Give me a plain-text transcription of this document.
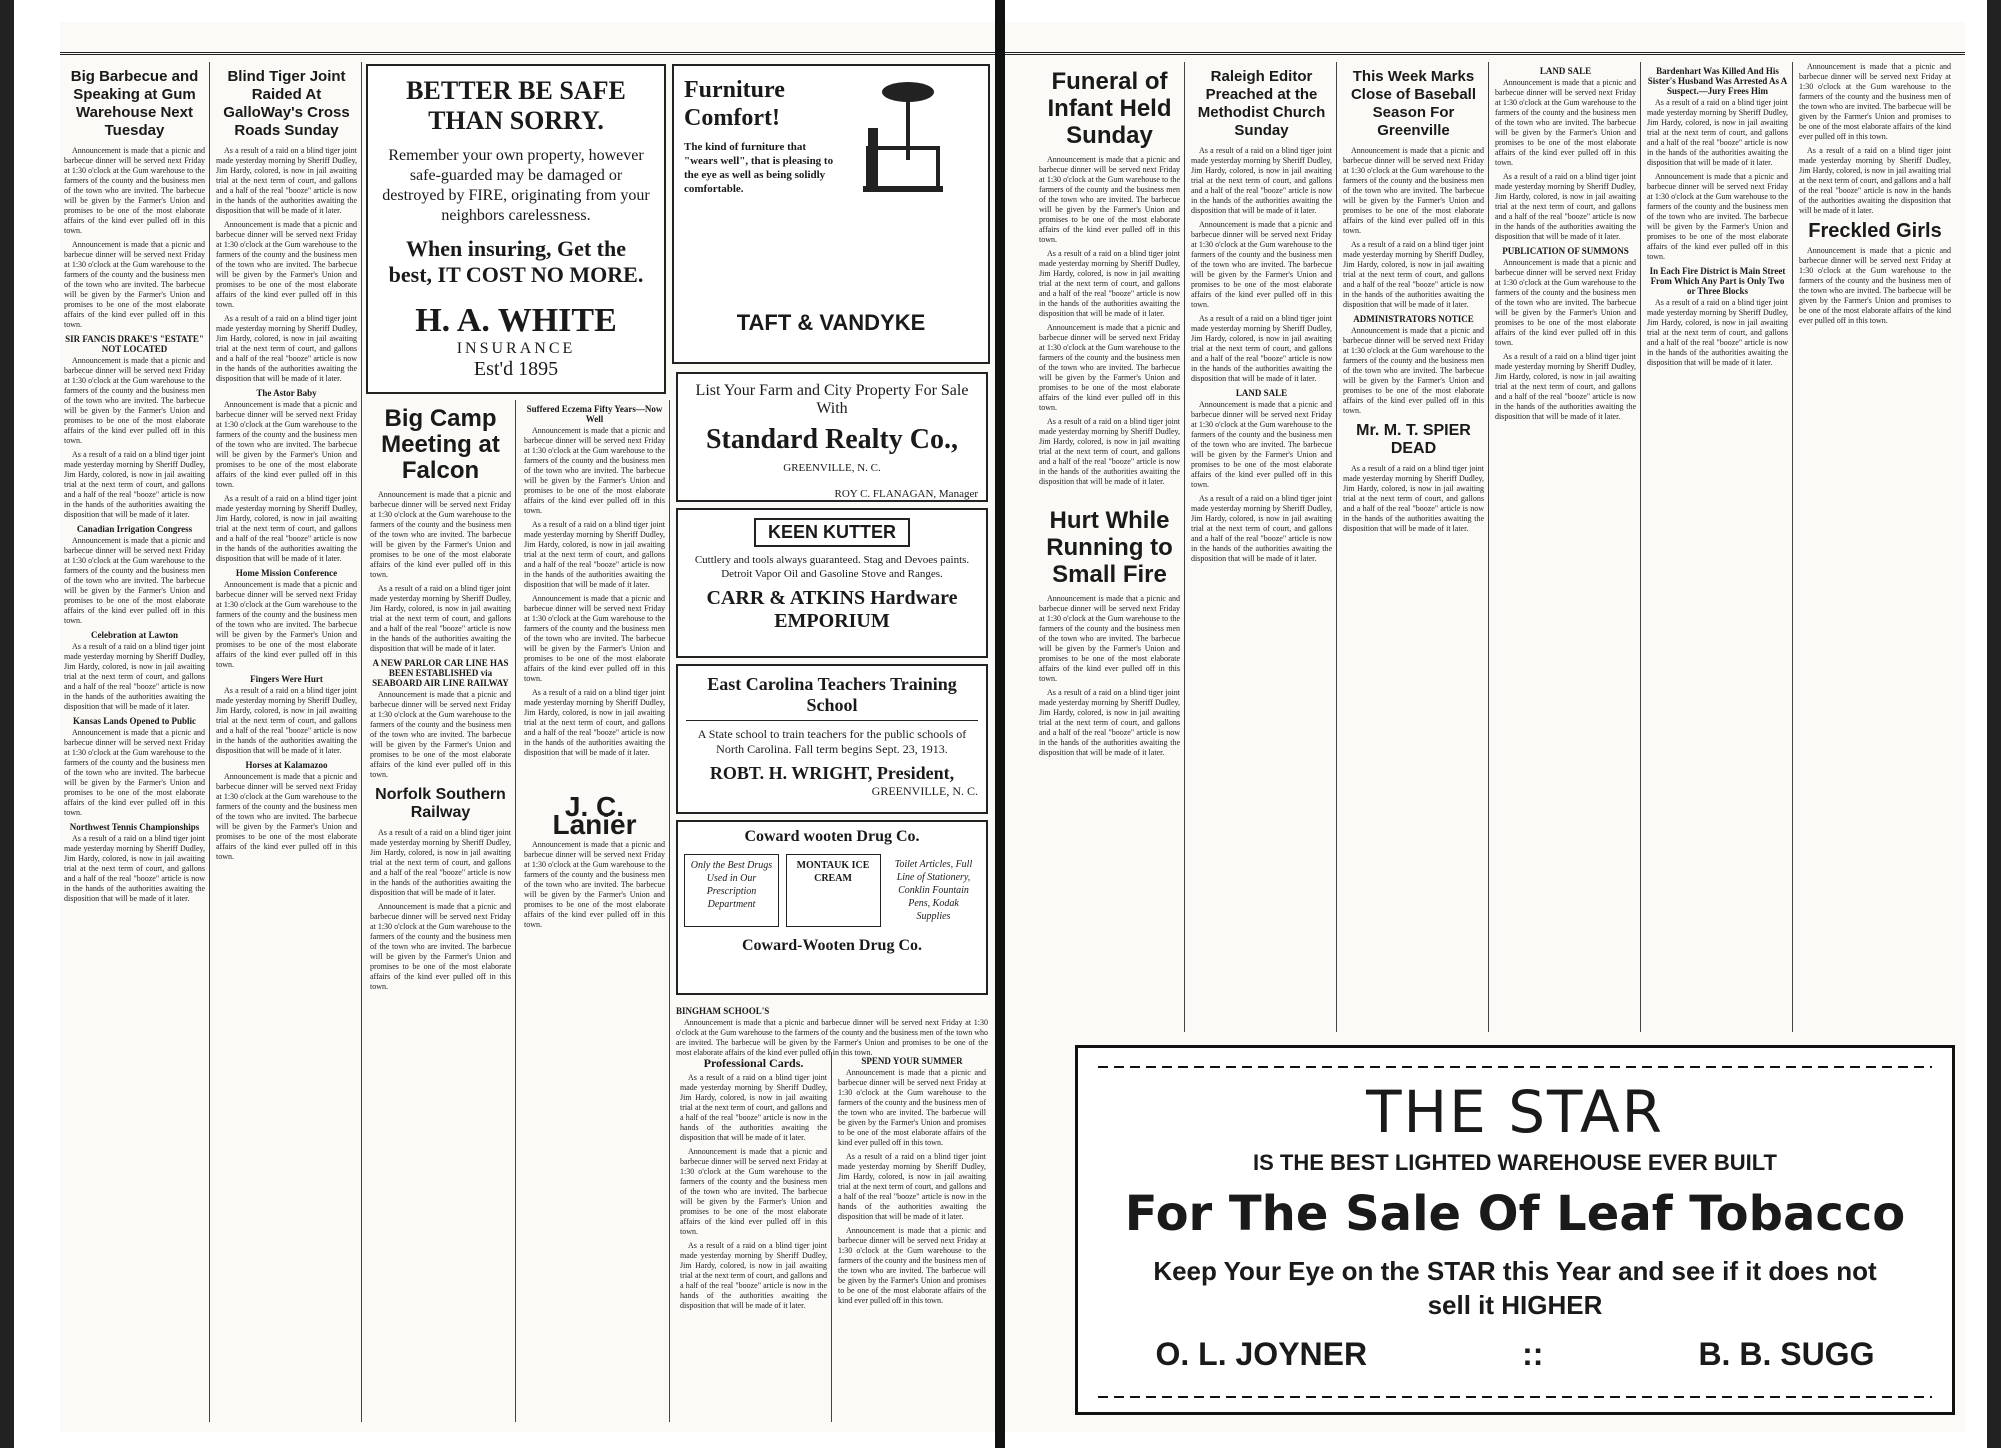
Big Barbecue and Speaking at Gum Warehouse Next Tuesday

Announcement is made that a picnic and barbecue dinner will be served next Friday at 1:30 o'clock at the Gum warehouse to the farmers of the county and the business men of the town who are invited. The barbecue will be given by the Farmer's Union and promises to be one of the most elaborate affairs of the kind ever pulled off in this town.

Announcement is made that a picnic and barbecue dinner will be served next Friday at 1:30 o'clock at the Gum warehouse to the farmers of the county and the business men of the town who are invited. The barbecue will be given by the Farmer's Union and promises to be one of the most elaborate affairs of the kind ever pulled off in this town.

SIR FANCIS DRAKE'S "ESTATE" NOT LOCATED

Announcement is made that a picnic and barbecue dinner will be served next Friday at 1:30 o'clock at the Gum warehouse to the farmers of the county and the business men of the town who are invited. The barbecue will be given by the Farmer's Union and promises to be one of the most elaborate affairs of the kind ever pulled off in this town.

As a result of a raid on a blind tiger joint made yesterday morning by Sheriff Dudley, Jim Hardy, colored, is now in jail awaiting trial at the next term of court, and gallons and a half of the real "booze" article is now in the hands of the authorities awaiting the disposition that will be made of it later.

Canadian Irrigation Congress

Announcement is made that a picnic and barbecue dinner will be served next Friday at 1:30 o'clock at the Gum warehouse to the farmers of the county and the business men of the town who are invited. The barbecue will be given by the Farmer's Union and promises to be one of the most elaborate affairs of the kind ever pulled off in this town.

Celebration at Lawton

As a result of a raid on a blind tiger joint made yesterday morning by Sheriff Dudley, Jim Hardy, colored, is now in jail awaiting trial at the next term of court, and gallons and a half of the real "booze" article is now in the hands of the authorities awaiting the disposition that will be made of it later.

Kansas Lands Opened to Public

Announcement is made that a picnic and barbecue dinner will be served next Friday at 1:30 o'clock at the Gum warehouse to the farmers of the county and the business men of the town who are invited. The barbecue will be given by the Farmer's Union and promises to be one of the most elaborate affairs of the kind ever pulled off in this town.

Northwest Tennis Championships

As a result of a raid on a blind tiger joint made yesterday morning by Sheriff Dudley, Jim Hardy, colored, is now in jail awaiting trial at the next term of court, and gallons and a half of the real "booze" article is now in the hands of the authorities awaiting the disposition that will be made of it later.

Blind Tiger Joint Raided At GalloWay's Cross Roads Sunday

As a result of a raid on a blind tiger joint made yesterday morning by Sheriff Dudley, Jim Hardy, colored, is now in jail awaiting trial at the next term of court, and gallons and a half of the real "booze" article is now in the hands of the authorities awaiting the disposition that will be made of it later.

Announcement is made that a picnic and barbecue dinner will be served next Friday at 1:30 o'clock at the Gum warehouse to the farmers of the county and the business men of the town who are invited. The barbecue will be given by the Farmer's Union and promises to be one of the most elaborate affairs of the kind ever pulled off in this town.

As a result of a raid on a blind tiger joint made yesterday morning by Sheriff Dudley, Jim Hardy, colored, is now in jail awaiting trial at the next term of court, and gallons and a half of the real "booze" article is now in the hands of the authorities awaiting the disposition that will be made of it later.

The Astor Baby

Announcement is made that a picnic and barbecue dinner will be served next Friday at 1:30 o'clock at the Gum warehouse to the farmers of the county and the business men of the town who are invited. The barbecue will be given by the Farmer's Union and promises to be one of the most elaborate affairs of the kind ever pulled off in this town.

As a result of a raid on a blind tiger joint made yesterday morning by Sheriff Dudley, Jim Hardy, colored, is now in jail awaiting trial at the next term of court, and gallons and a half of the real "booze" article is now in the hands of the authorities awaiting the disposition that will be made of it later.

Home Mission Conference

Announcement is made that a picnic and barbecue dinner will be served next Friday at 1:30 o'clock at the Gum warehouse to the farmers of the county and the business men of the town who are invited. The barbecue will be given by the Farmer's Union and promises to be one of the most elaborate affairs of the kind ever pulled off in this town.

Fingers Were Hurt

As a result of a raid on a blind tiger joint made yesterday morning by Sheriff Dudley, Jim Hardy, colored, is now in jail awaiting trial at the next term of court, and gallons and a half of the real "booze" article is now in the hands of the authorities awaiting the disposition that will be made of it later.

Horses at Kalamazoo

Announcement is made that a picnic and barbecue dinner will be served next Friday at 1:30 o'clock at the Gum warehouse to the farmers of the county and the business men of the town who are invited. The barbecue will be given by the Farmer's Union and promises to be one of the most elaborate affairs of the kind ever pulled off in this town.

BETTER BE SAFE THAN SORRY.
Remember your own property, however safe-guarded may be damaged or destroyed by FIRE, originating from your neighbors carelessness.
When insuring, Get the best, IT COST NO MORE.
H. A. WHITE
INSURANCE
Est'd 1895
Furniture Comfort!
The kind of furniture that "wears well", that is pleasing to the eye as well as being solidly comfortable.
TAFT & VANDYKE
Big Camp Meeting at Falcon

Announcement is made that a picnic and barbecue dinner will be served next Friday at 1:30 o'clock at the Gum warehouse to the farmers of the county and the business men of the town who are invited. The barbecue will be given by the Farmer's Union and promises to be one of the most elaborate affairs of the kind ever pulled off in this town.

As a result of a raid on a blind tiger joint made yesterday morning by Sheriff Dudley, Jim Hardy, colored, is now in jail awaiting trial at the next term of court, and gallons and a half of the real "booze" article is now in the hands of the authorities awaiting the disposition that will be made of it later.

A NEW PARLOR CAR LINE HAS BEEN ESTABLISHED via SEABOARD AIR LINE RAILWAY

Announcement is made that a picnic and barbecue dinner will be served next Friday at 1:30 o'clock at the Gum warehouse to the farmers of the county and the business men of the town who are invited. The barbecue will be given by the Farmer's Union and promises to be one of the most elaborate affairs of the kind ever pulled off in this town.

Norfolk Southern Railway

As a result of a raid on a blind tiger joint made yesterday morning by Sheriff Dudley, Jim Hardy, colored, is now in jail awaiting trial at the next term of court, and gallons and a half of the real "booze" article is now in the hands of the authorities awaiting the disposition that will be made of it later.

Announcement is made that a picnic and barbecue dinner will be served next Friday at 1:30 o'clock at the Gum warehouse to the farmers of the county and the business men of the town who are invited. The barbecue will be given by the Farmer's Union and promises to be one of the most elaborate affairs of the kind ever pulled off in this town.

Suffered Eczema Fifty Years—Now Well

Announcement is made that a picnic and barbecue dinner will be served next Friday at 1:30 o'clock at the Gum warehouse to the farmers of the county and the business men of the town who are invited. The barbecue will be given by the Farmer's Union and promises to be one of the most elaborate affairs of the kind ever pulled off in this town.

As a result of a raid on a blind tiger joint made yesterday morning by Sheriff Dudley, Jim Hardy, colored, is now in jail awaiting trial at the next term of court, and gallons and a half of the real "booze" article is now in the hands of the authorities awaiting the disposition that will be made of it later.

Announcement is made that a picnic and barbecue dinner will be served next Friday at 1:30 o'clock at the Gum warehouse to the farmers of the county and the business men of the town who are invited. The barbecue will be given by the Farmer's Union and promises to be one of the most elaborate affairs of the kind ever pulled off in this town.

As a result of a raid on a blind tiger joint made yesterday morning by Sheriff Dudley, Jim Hardy, colored, is now in jail awaiting trial at the next term of court, and gallons and a half of the real "booze" article is now in the hands of the authorities awaiting the disposition that will be made of it later.

J. C. Lanier

Announcement is made that a picnic and barbecue dinner will be served next Friday at 1:30 o'clock at the Gum warehouse to the farmers of the county and the business men of the town who are invited. The barbecue will be given by the Farmer's Union and promises to be one of the most elaborate affairs of the kind ever pulled off in this town.

List Your Farm and City Property For Sale With
Standard Realty Co.,
GREENVILLE, N. C.
ROY C. FLANAGAN, Manager
KEEN KUTTER
Cuttlery and tools always guaranteed. Stag and Devoes paints. Detroit Vapor Oil and Gasoline Stove and Ranges.
CARR & ATKINS Hardware EMPORIUM
East Carolina Teachers Training School
A State school to train teachers for the public schools of North Carolina. Fall term begins Sept. 23, 1913.
ROBT. H. WRIGHT, President,
GREENVILLE, N. C.
Coward wooten Drug Co.
Only the Best Drugs Used in Our Prescription Department
MONTAUK ICE CREAM
Toilet Articles, Full Line of Stationery, Conklin Fountain Pens, Kodak Supplies
Coward-Wooten Drug Co.
BINGHAM SCHOOL'S

Announcement is made that a picnic and barbecue dinner will be served next Friday at 1:30 o'clock at the Gum warehouse to the farmers of the county and the business men of the town who are invited. The barbecue will be given by the Farmer's Union and promises to be one of the most elaborate affairs of the kind ever pulled off in this town.

Professional Cards.

As a result of a raid on a blind tiger joint made yesterday morning by Sheriff Dudley, Jim Hardy, colored, is now in jail awaiting trial at the next term of court, and gallons and a half of the real "booze" article is now in the hands of the authorities awaiting the disposition that will be made of it later.

Announcement is made that a picnic and barbecue dinner will be served next Friday at 1:30 o'clock at the Gum warehouse to the farmers of the county and the business men of the town who are invited. The barbecue will be given by the Farmer's Union and promises to be one of the most elaborate affairs of the kind ever pulled off in this town.

As a result of a raid on a blind tiger joint made yesterday morning by Sheriff Dudley, Jim Hardy, colored, is now in jail awaiting trial at the next term of court, and gallons and a half of the real "booze" article is now in the hands of the authorities awaiting the disposition that will be made of it later.

SPEND YOUR SUMMER

Announcement is made that a picnic and barbecue dinner will be served next Friday at 1:30 o'clock at the Gum warehouse to the farmers of the county and the business men of the town who are invited. The barbecue will be given by the Farmer's Union and promises to be one of the most elaborate affairs of the kind ever pulled off in this town.

As a result of a raid on a blind tiger joint made yesterday morning by Sheriff Dudley, Jim Hardy, colored, is now in jail awaiting trial at the next term of court, and gallons and a half of the real "booze" article is now in the hands of the authorities awaiting the disposition that will be made of it later.

Announcement is made that a picnic and barbecue dinner will be served next Friday at 1:30 o'clock at the Gum warehouse to the farmers of the county and the business men of the town who are invited. The barbecue will be given by the Farmer's Union and promises to be one of the most elaborate affairs of the kind ever pulled off in this town.

Funeral of Infant Held Sunday

Announcement is made that a picnic and barbecue dinner will be served next Friday at 1:30 o'clock at the Gum warehouse to the farmers of the county and the business men of the town who are invited. The barbecue will be given by the Farmer's Union and promises to be one of the most elaborate affairs of the kind ever pulled off in this town.

As a result of a raid on a blind tiger joint made yesterday morning by Sheriff Dudley, Jim Hardy, colored, is now in jail awaiting trial at the next term of court, and gallons and a half of the real "booze" article is now in the hands of the authorities awaiting the disposition that will be made of it later.

Announcement is made that a picnic and barbecue dinner will be served next Friday at 1:30 o'clock at the Gum warehouse to the farmers of the county and the business men of the town who are invited. The barbecue will be given by the Farmer's Union and promises to be one of the most elaborate affairs of the kind ever pulled off in this town.

As a result of a raid on a blind tiger joint made yesterday morning by Sheriff Dudley, Jim Hardy, colored, is now in jail awaiting trial at the next term of court, and gallons and a half of the real "booze" article is now in the hands of the authorities awaiting the disposition that will be made of it later.

Hurt While Running to Small Fire

Announcement is made that a picnic and barbecue dinner will be served next Friday at 1:30 o'clock at the Gum warehouse to the farmers of the county and the business men of the town who are invited. The barbecue will be given by the Farmer's Union and promises to be one of the most elaborate affairs of the kind ever pulled off in this town.

As a result of a raid on a blind tiger joint made yesterday morning by Sheriff Dudley, Jim Hardy, colored, is now in jail awaiting trial at the next term of court, and gallons and a half of the real "booze" article is now in the hands of the authorities awaiting the disposition that will be made of it later.

Raleigh Editor Preached at the Methodist Church Sunday

As a result of a raid on a blind tiger joint made yesterday morning by Sheriff Dudley, Jim Hardy, colored, is now in jail awaiting trial at the next term of court, and gallons and a half of the real "booze" article is now in the hands of the authorities awaiting the disposition that will be made of it later.

Announcement is made that a picnic and barbecue dinner will be served next Friday at 1:30 o'clock at the Gum warehouse to the farmers of the county and the business men of the town who are invited. The barbecue will be given by the Farmer's Union and promises to be one of the most elaborate affairs of the kind ever pulled off in this town.

As a result of a raid on a blind tiger joint made yesterday morning by Sheriff Dudley, Jim Hardy, colored, is now in jail awaiting trial at the next term of court, and gallons and a half of the real "booze" article is now in the hands of the authorities awaiting the disposition that will be made of it later.

LAND SALE

Announcement is made that a picnic and barbecue dinner will be served next Friday at 1:30 o'clock at the Gum warehouse to the farmers of the county and the business men of the town who are invited. The barbecue will be given by the Farmer's Union and promises to be one of the most elaborate affairs of the kind ever pulled off in this town.

As a result of a raid on a blind tiger joint made yesterday morning by Sheriff Dudley, Jim Hardy, colored, is now in jail awaiting trial at the next term of court, and gallons and a half of the real "booze" article is now in the hands of the authorities awaiting the disposition that will be made of it later.

This Week Marks Close of Baseball Season For Greenville

Announcement is made that a picnic and barbecue dinner will be served next Friday at 1:30 o'clock at the Gum warehouse to the farmers of the county and the business men of the town who are invited. The barbecue will be given by the Farmer's Union and promises to be one of the most elaborate affairs of the kind ever pulled off in this town.

As a result of a raid on a blind tiger joint made yesterday morning by Sheriff Dudley, Jim Hardy, colored, is now in jail awaiting trial at the next term of court, and gallons and a half of the real "booze" article is now in the hands of the authorities awaiting the disposition that will be made of it later.

ADMINISTRATORS NOTICE

Announcement is made that a picnic and barbecue dinner will be served next Friday at 1:30 o'clock at the Gum warehouse to the farmers of the county and the business men of the town who are invited. The barbecue will be given by the Farmer's Union and promises to be one of the most elaborate affairs of the kind ever pulled off in this town.

Mr. M. T. SPIER DEAD

As a result of a raid on a blind tiger joint made yesterday morning by Sheriff Dudley, Jim Hardy, colored, is now in jail awaiting trial at the next term of court, and gallons and a half of the real "booze" article is now in the hands of the authorities awaiting the disposition that will be made of it later.

LAND SALE

Announcement is made that a picnic and barbecue dinner will be served next Friday at 1:30 o'clock at the Gum warehouse to the farmers of the county and the business men of the town who are invited. The barbecue will be given by the Farmer's Union and promises to be one of the most elaborate affairs of the kind ever pulled off in this town.

As a result of a raid on a blind tiger joint made yesterday morning by Sheriff Dudley, Jim Hardy, colored, is now in jail awaiting trial at the next term of court, and gallons and a half of the real "booze" article is now in the hands of the authorities awaiting the disposition that will be made of it later.

PUBLICATION OF SUMMONS

Announcement is made that a picnic and barbecue dinner will be served next Friday at 1:30 o'clock at the Gum warehouse to the farmers of the county and the business men of the town who are invited. The barbecue will be given by the Farmer's Union and promises to be one of the most elaborate affairs of the kind ever pulled off in this town.

As a result of a raid on a blind tiger joint made yesterday morning by Sheriff Dudley, Jim Hardy, colored, is now in jail awaiting trial at the next term of court, and gallons and a half of the real "booze" article is now in the hands of the authorities awaiting the disposition that will be made of it later.

Bardenhart Was Killed And His Sister's Husband Was Arrested As A Suspect.—Jury Frees Him

As a result of a raid on a blind tiger joint made yesterday morning by Sheriff Dudley, Jim Hardy, colored, is now in jail awaiting trial at the next term of court, and gallons and a half of the real "booze" article is now in the hands of the authorities awaiting the disposition that will be made of it later.

Announcement is made that a picnic and barbecue dinner will be served next Friday at 1:30 o'clock at the Gum warehouse to the farmers of the county and the business men of the town who are invited. The barbecue will be given by the Farmer's Union and promises to be one of the most elaborate affairs of the kind ever pulled off in this town.

In Each Fire District is Main Street From Which Any Part is Only Two or Three Blocks

As a result of a raid on a blind tiger joint made yesterday morning by Sheriff Dudley, Jim Hardy, colored, is now in jail awaiting trial at the next term of court, and gallons and a half of the real "booze" article is now in the hands of the authorities awaiting the disposition that will be made of it later.

Announcement is made that a picnic and barbecue dinner will be served next Friday at 1:30 o'clock at the Gum warehouse to the farmers of the county and the business men of the town who are invited. The barbecue will be given by the Farmer's Union and promises to be one of the most elaborate affairs of the kind ever pulled off in this town.

As a result of a raid on a blind tiger joint made yesterday morning by Sheriff Dudley, Jim Hardy, colored, is now in jail awaiting trial at the next term of court, and gallons and a half of the real "booze" article is now in the hands of the authorities awaiting the disposition that will be made of it later.

Freckled Girls

Announcement is made that a picnic and barbecue dinner will be served next Friday at 1:30 o'clock at the Gum warehouse to the farmers of the county and the business men of the town who are invited. The barbecue will be given by the Farmer's Union and promises to be one of the most elaborate affairs of the kind ever pulled off in this town.

THE STAR
IS THE BEST LIGHTED WAREHOUSE EVER BUILT
For The Sale Of Leaf Tobacco
Keep Your Eye on the STAR this Year and see if it does not sell it HIGHER
O. L. JOYNER	::	B. B. SUGG
